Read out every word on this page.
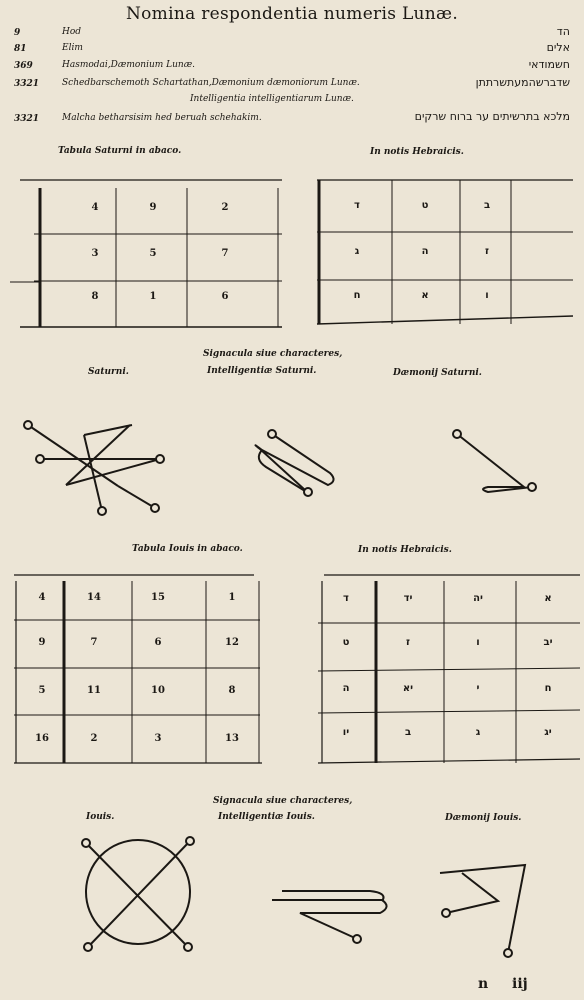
Nomina respondentia numeris Lunæ.
9	Hod	הד
81	Elim	אלים
369	Hasmodai,Dæmonium Lunæ.	חשמודאי
3321	Schedbarschemoth Schartathan,Dæmonium dæmoniorum Lunæ.	שדברשהמעתשרתתן
Intelligentia intelligentiarum Lunæ.
3321	Malcha betharsisim hed beruah schehakim.	מלכא בתרשיתים ער ברוח שרקים
Tabula Saturni in abaco.	In notis Hebraicis.
4	9	2
3	5	7
8	1	6
ד	ט	ב
ג	ה	ז
ח	א	ו
Signacula siue characteres,
Saturni.	Intelligentiæ Saturni.	Dæmonij Saturni.
Tabula Iouis in abaco.	In notis Hebraicis.
4	14	15	1
9	7	6	12
5	11	10	8
16	2	3	13
ד	יד	יה	א
ט	ז	ו	יב
ה	יא	י	ח
יו	ב	ג	יג
Signacula siue characteres,
Iouis.	Intelligentiæ Iouis.	Dæmonij Iouis.
n iij
